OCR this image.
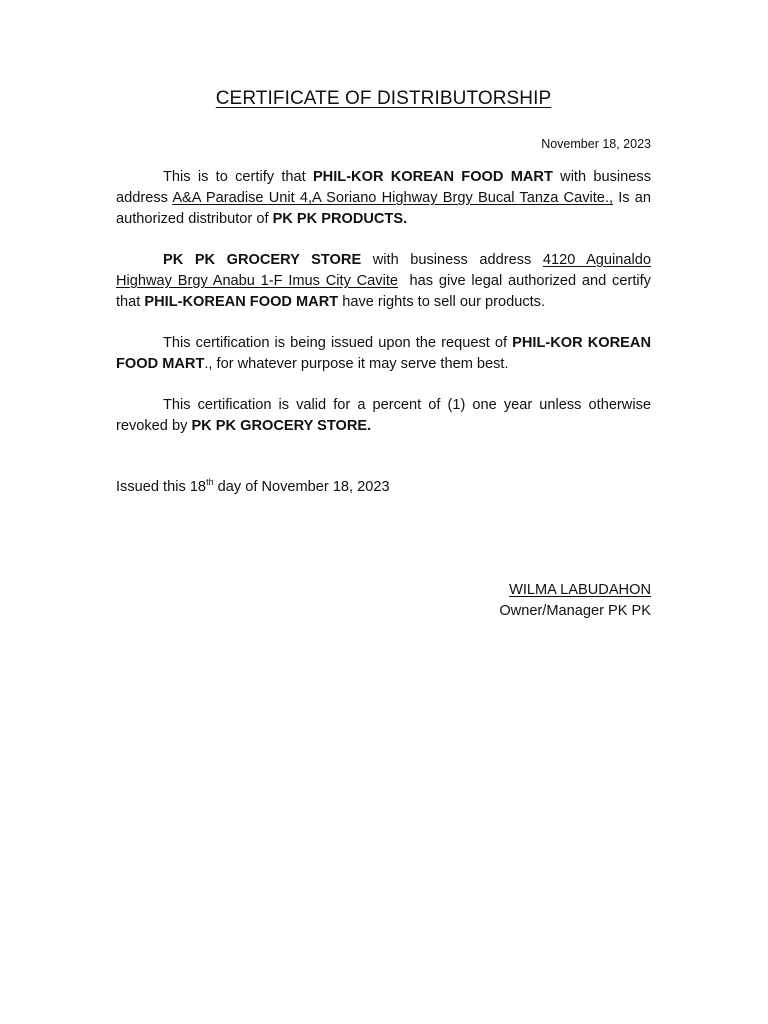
CERTIFICATE OF DISTRIBUTORSHIP
November 18, 2023

This is to certify that PHIL-KOR KOREAN FOOD MART with business address A&A Paradise Unit 4,A Soriano Highway Brgy Bucal Tanza Cavite., Is an authorized distributor of PK PK PRODUCTS.

PK PK GROCERY STORE with business address 4120 Aguinaldo Highway Brgy Anabu 1-F Imus City Cavite  has give legal authorized and certify that PHIL-KOREAN FOOD MART have rights to sell our products.

This certification is being issued upon the request of PHIL-KOR KOREAN FOOD MART., for whatever purpose it may serve them best.

This certification is valid for a percent of (1) one year unless otherwise revoked by PK PK GROCERY STORE.

Issued this 18th day of November 18, 2023
WILMA LABUDAHON
Owner/Manager PK PK
